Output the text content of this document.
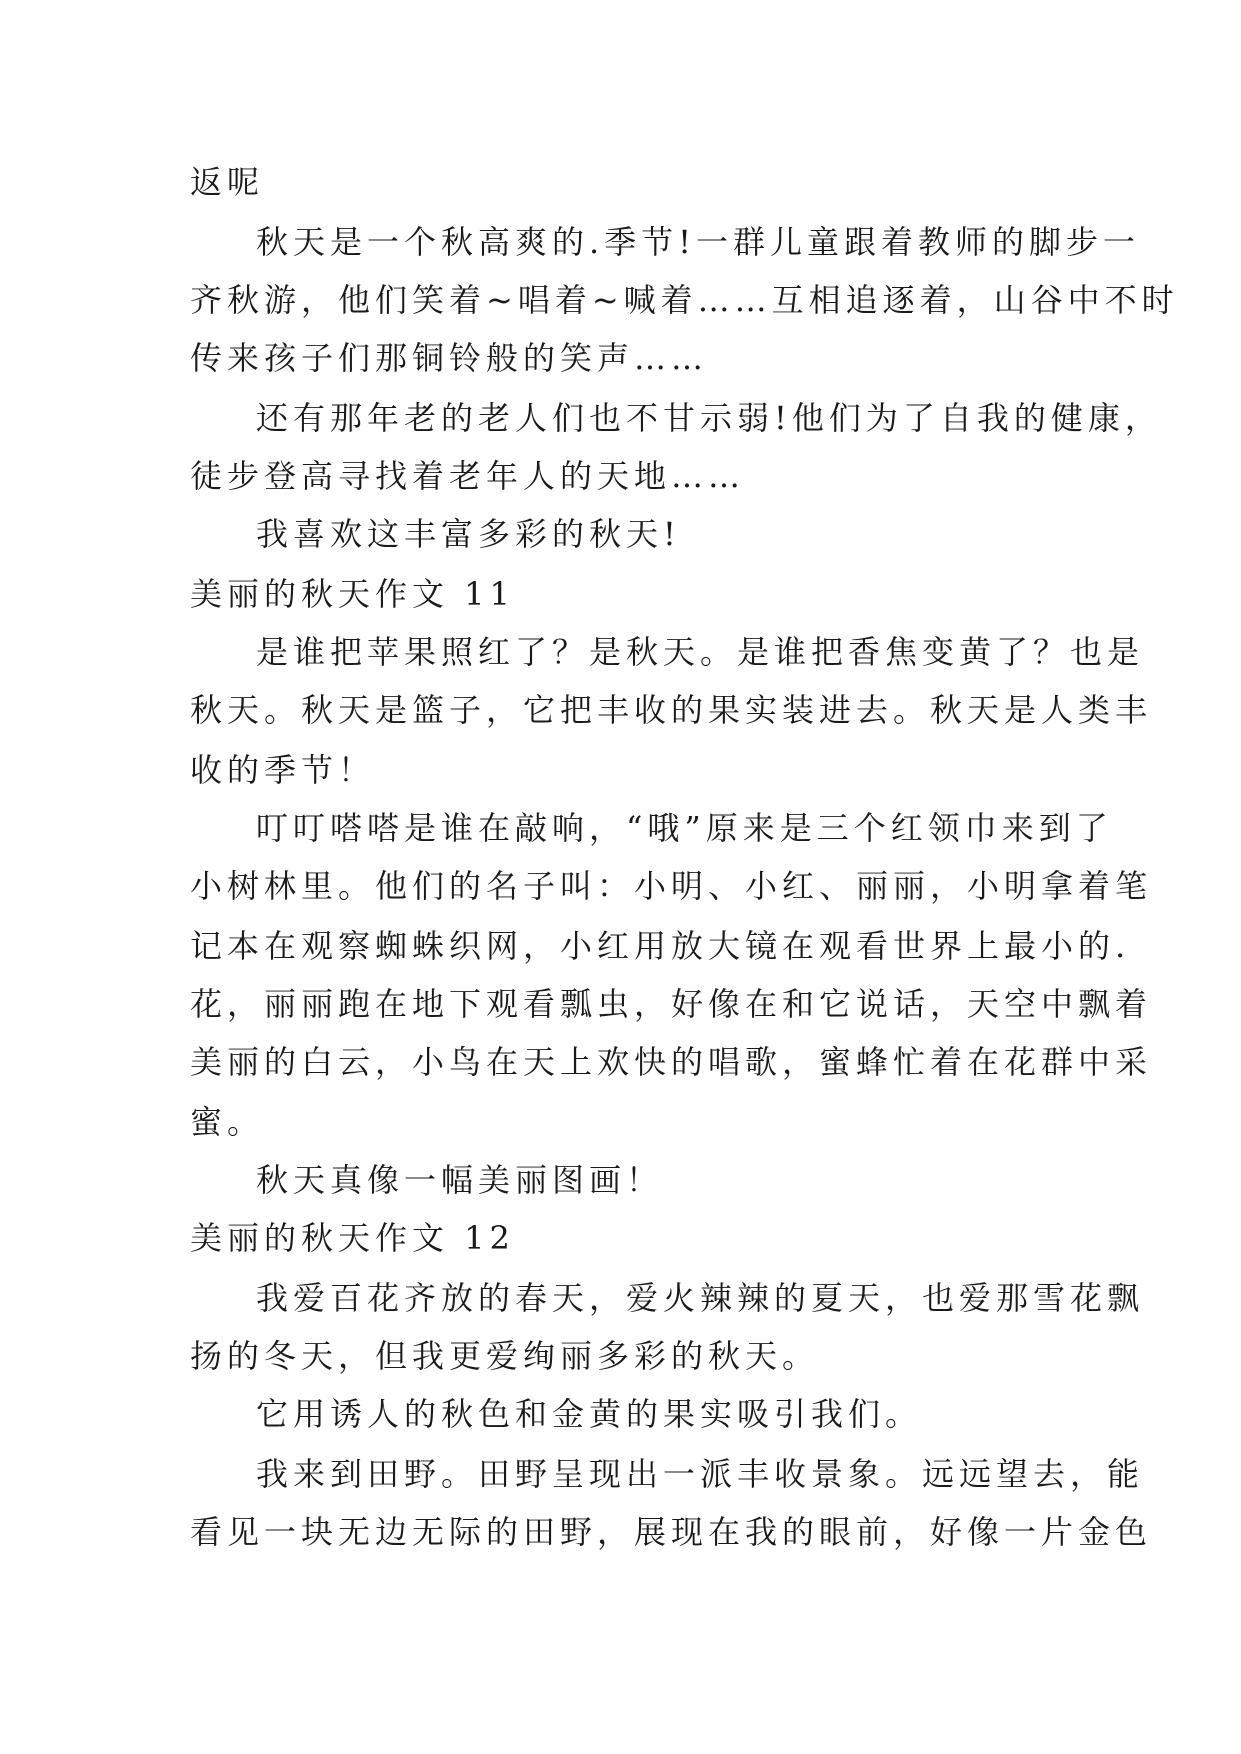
返呢
秋天是一个秋高爽的.季节!一群儿童跟着教师的脚步一
齐秋游，他们笑着~唱着~喊着……互相追逐着，山谷中不时
传来孩子们那铜铃般的笑声……
还有那年老的老人们也不甘示弱!他们为了自我的健康，
徒步登高寻找着老年人的天地……
我喜欢这丰富多彩的秋天!
美丽的秋天作文 11
是谁把苹果照红了？是秋天。是谁把香焦变黄了？也是
秋天。秋天是篮子，它把丰收的果实装进去。秋天是人类丰
收的季节！
叮叮嗒嗒是谁在敲响，“哦”原来是三个红领巾来到了
小树林里。他们的名子叫：小明、小红、丽丽，小明拿着笔
记本在观察蜘蛛织网，小红用放大镜在观看世界上最小的.
花，丽丽跑在地下观看瓢虫，好像在和它说话，天空中飘着
美丽的白云，小鸟在天上欢快的唱歌，蜜蜂忙着在花群中采
蜜。
秋天真像一幅美丽图画！
美丽的秋天作文 12
我爱百花齐放的春天，爱火辣辣的夏天，也爱那雪花飘
扬的冬天，但我更爱绚丽多彩的秋天。
它用诱人的秋色和金黄的果实吸引我们。
我来到田野。田野呈现出一派丰收景象。远远望去，能
看见一块无边无际的田野，展现在我的眼前，好像一片金色
